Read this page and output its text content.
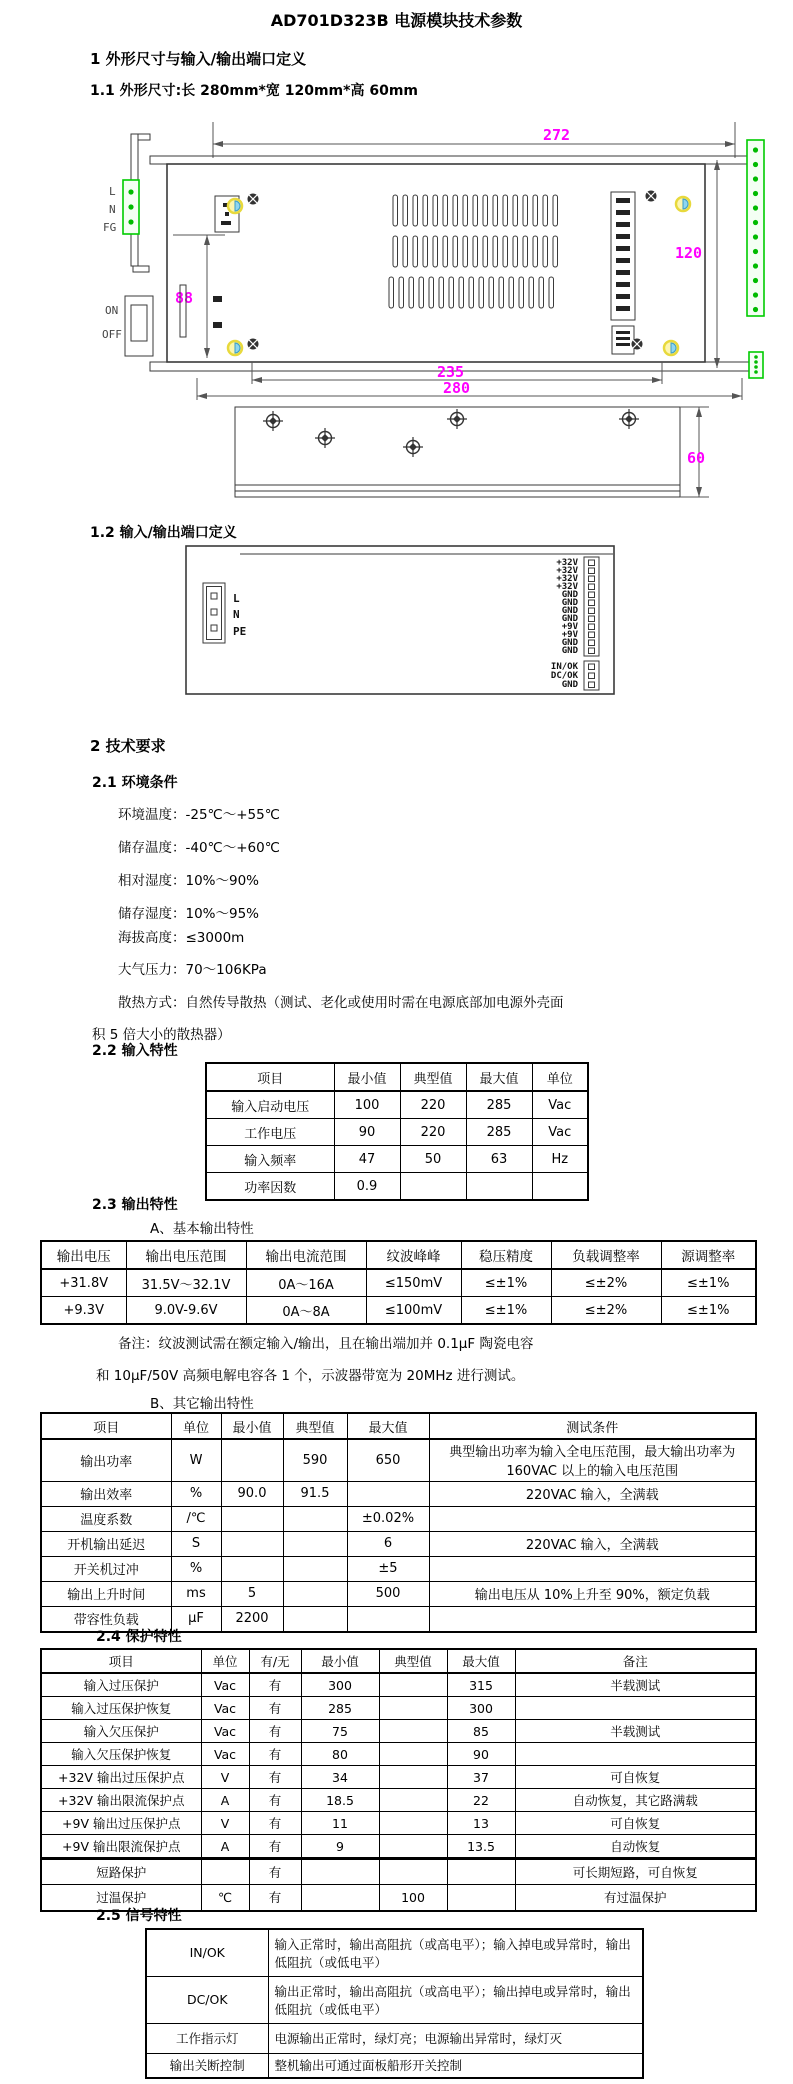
AD701D323B 电源模块技术参数
1 外形尺寸与输入/输出端口定义
1.1 外形尺寸:长 280mm*宽 120mm*高 60mm
272
L
N
FG
ON
OFF
88
120
235
280
60
1.2 输入/输出端口定义
L
N
PE
+32V
+32V
+32V
+32V
GND
GND
GND
GND
+9V
+9V
GND
GND
IN/OK
DC/OK
GND
2 技术要求
2.1 环境条件
环境温度：-25℃～+55℃
储存温度：-40℃～+60℃
相对湿度：10%～90%
储存湿度：10%～95%
海拔高度：≤3000m
大气压力：70～106KPa
散热方式：自然传导散热（测试、老化或使用时需在电源底部加电源外壳面
积 5 倍大小的散热器）
2.2 输入特性
项目	最小值	典型值	最大值	单位
输入启动电压	100	220	285	Vac
工作电压	90	220	285	Vac
输入频率	47	50	63	Hz
功率因数	0.9			
2.3 输出特性
A、基本输出特性
输出电压	输出电压范围	输出电流范围	纹波峰峰	稳压精度	负载调整率	源调整率
+31.8V	31.5V～32.1V	0A～16A	≤150mV	≤±1%	≤±2%	≤±1%
+9.3V	9.0V-9.6V	0A～8A	≤100mV	≤±1%	≤±2%	≤±1%
备注：纹波测试需在额定输入/输出，且在输出端加并 0.1μF 陶瓷电容
和 10μF/50V 高频电解电容各 1 个，示波器带宽为 20MHz 进行测试。
B、其它输出特性
项目	单位	最小值	典型值	最大值	测试条件
输出功率	W		590	650	典型输出功率为输入全电压范围，最大输出功率为 160VAC 以上的输入电压范围
输出效率	%	90.0	91.5		220VAC 输入，全满载
温度系数	/℃			±0.02%	
开机输出延迟	S			6	220VAC 输入，全满载
开关机过冲	%			±5	
输出上升时间	ms	5		500	输出电压从 10%上升至 90%，额定负载
带容性负载	μF	2200			
2.4 保护特性
项目	单位	有/无	最小值	典型值	最大值	备注
输入过压保护	Vac	有	300		315	半载测试
输入过压保护恢复	Vac	有	285		300	
输入欠压保护	Vac	有	75		85	半载测试
输入欠压保护恢复	Vac	有	80		90	
+32V 输出过压保护点	V	有	34		37	可自恢复
+32V 输出限流保护点	A	有	18.5		22	自动恢复，其它路满载
+9V 输出过压保护点	V	有	11		13	可自恢复
+9V 输出限流保护点	A	有	9		13.5	自动恢复
短路保护		有				可长期短路，可自恢复
过温保护	℃	有		100		有过温保护
2.5 信号特性
IN/OK	输入正常时，输出高阻抗（或高电平）；输入掉电或异常时，输出低阻抗（或低电平）
DC/OK	输出正常时，输出高阻抗（或高电平）；输出掉电或异常时，输出低阻抗（或低电平）
工作指示灯	电源输出正常时，绿灯亮；电源输出异常时，绿灯灭
输出关断控制	整机输出可通过面板船形开关控制
